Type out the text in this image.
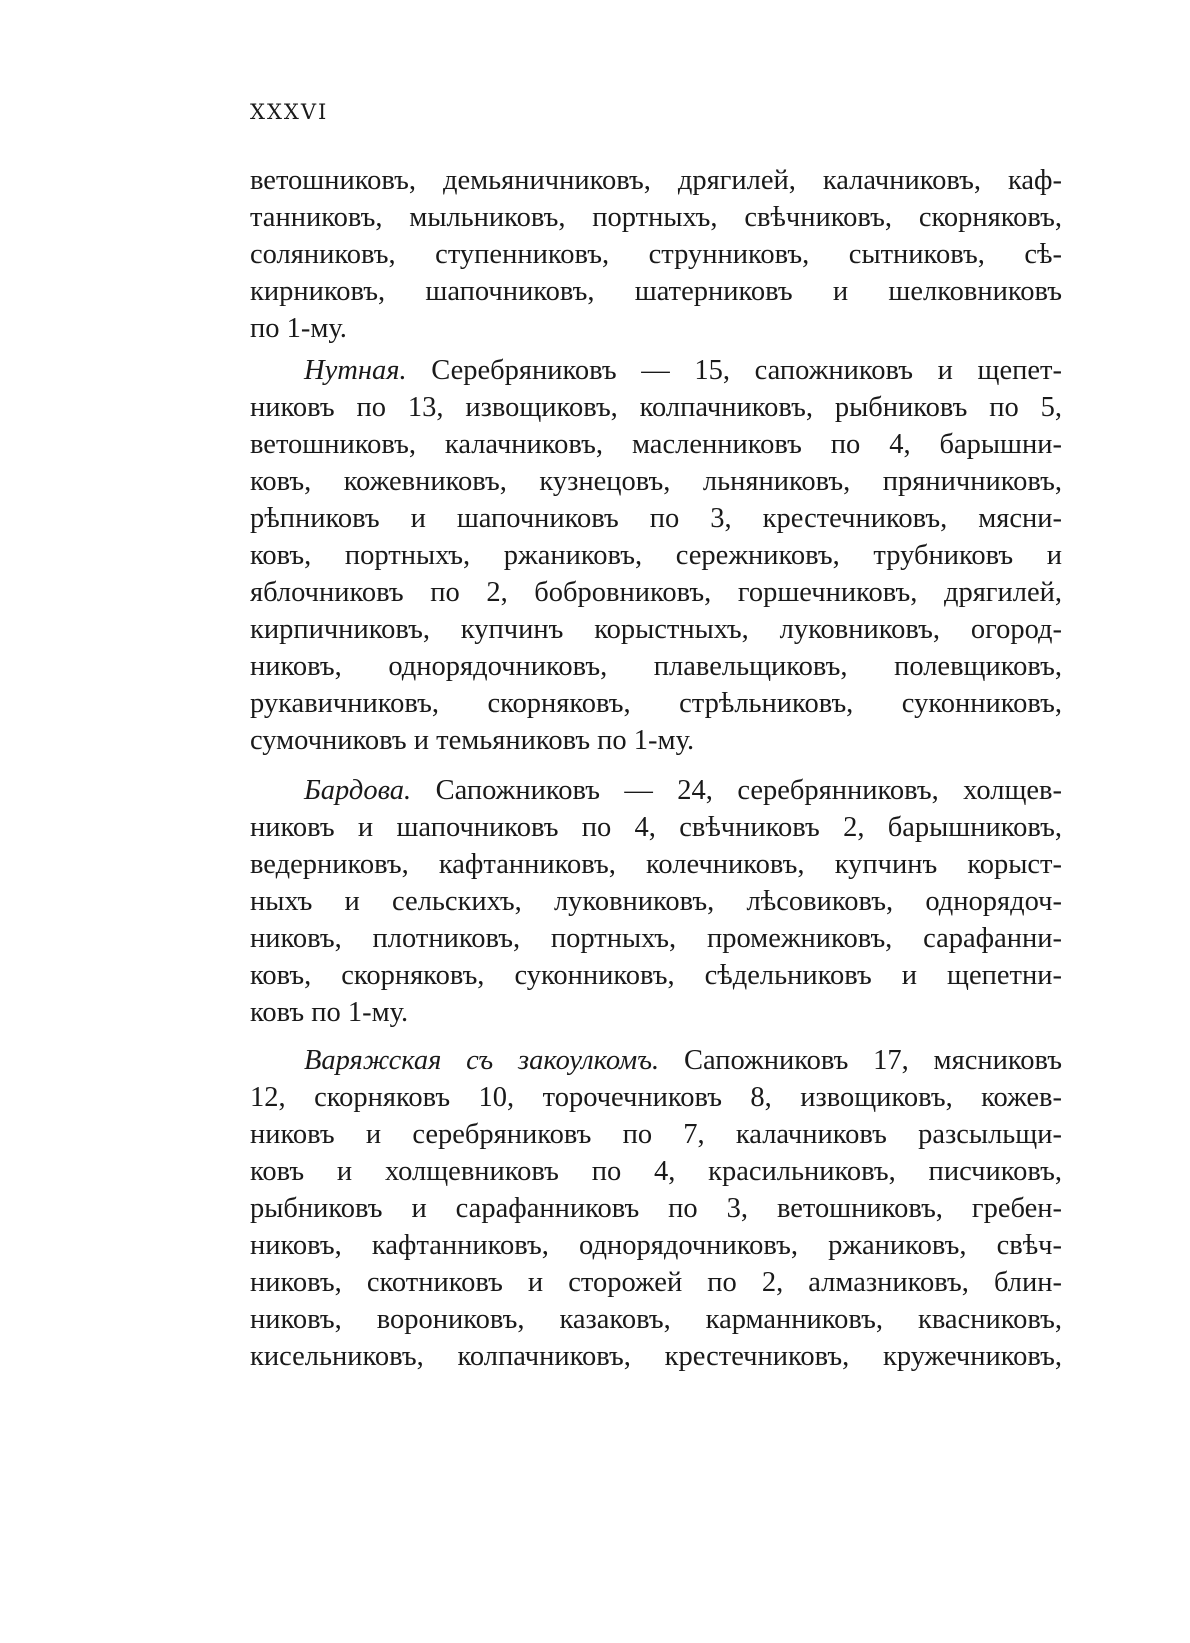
XXXVI
ветошниковъ, демьяничниковъ, дрягилей, калачниковъ, каф-
танниковъ, мыльниковъ, портныхъ, свѣчниковъ, скорняковъ,
соляниковъ, ступенниковъ, струнниковъ, сытниковъ, сѣ-
кирниковъ, шапочниковъ, шатерниковъ и шелковниковъ
по 1-му.
Нутная. Серебряниковъ — 15, сапожниковъ и щепет-
никовъ по 13, извощиковъ, колпачниковъ, рыбниковъ по 5,
ветошниковъ, калачниковъ, масленниковъ по 4, барышни-
ковъ, кожевниковъ, кузнецовъ, льняниковъ, пряничниковъ,
рѣпниковъ и шапочниковъ по 3, крестечниковъ, мясни-
ковъ, портныхъ, ржаниковъ, сережниковъ, трубниковъ и
яблочниковъ по 2, бобровниковъ, горшечниковъ, дрягилей,
кирпичниковъ, купчинъ корыстныхъ, луковниковъ, огород-
никовъ, однорядочниковъ, плавельщиковъ, полевщиковъ,
рукавичниковъ, скорняковъ, стрѣльниковъ, суконниковъ,
сумочниковъ и темьяниковъ по 1-му.
Бардова. Сапожниковъ — 24, серебрянниковъ, холщев-
никовъ и шапочниковъ по 4, свѣчниковъ 2, барышниковъ,
ведерниковъ, кафтанниковъ, колечниковъ, купчинъ корыст-
ныхъ и сельскихъ, луковниковъ, лѣсовиковъ, однорядоч-
никовъ, плотниковъ, портныхъ, промежниковъ, сарафанни-
ковъ, скорняковъ, суконниковъ, сѣдельниковъ и щепетни-
ковъ по 1-му.
Варяжская съ закоулкомъ. Сапожниковъ 17, мясниковъ
12, скорняковъ 10, торочечниковъ 8, извощиковъ, кожев-
никовъ и серебряниковъ по 7, калачниковъ разсыльщи-
ковъ и холщевниковъ по 4, красильниковъ, писчиковъ,
рыбниковъ и сарафанниковъ по 3, ветошниковъ, гребен-
никовъ, кафтанниковъ, однорядочниковъ, ржаниковъ, свѣч-
никовъ, скотниковъ и сторожей по 2, алмазниковъ, блин-
никовъ, ворониковъ, казаковъ, карманниковъ, квасниковъ,
кисельниковъ, колпачниковъ, крестечниковъ, кружечниковъ,
